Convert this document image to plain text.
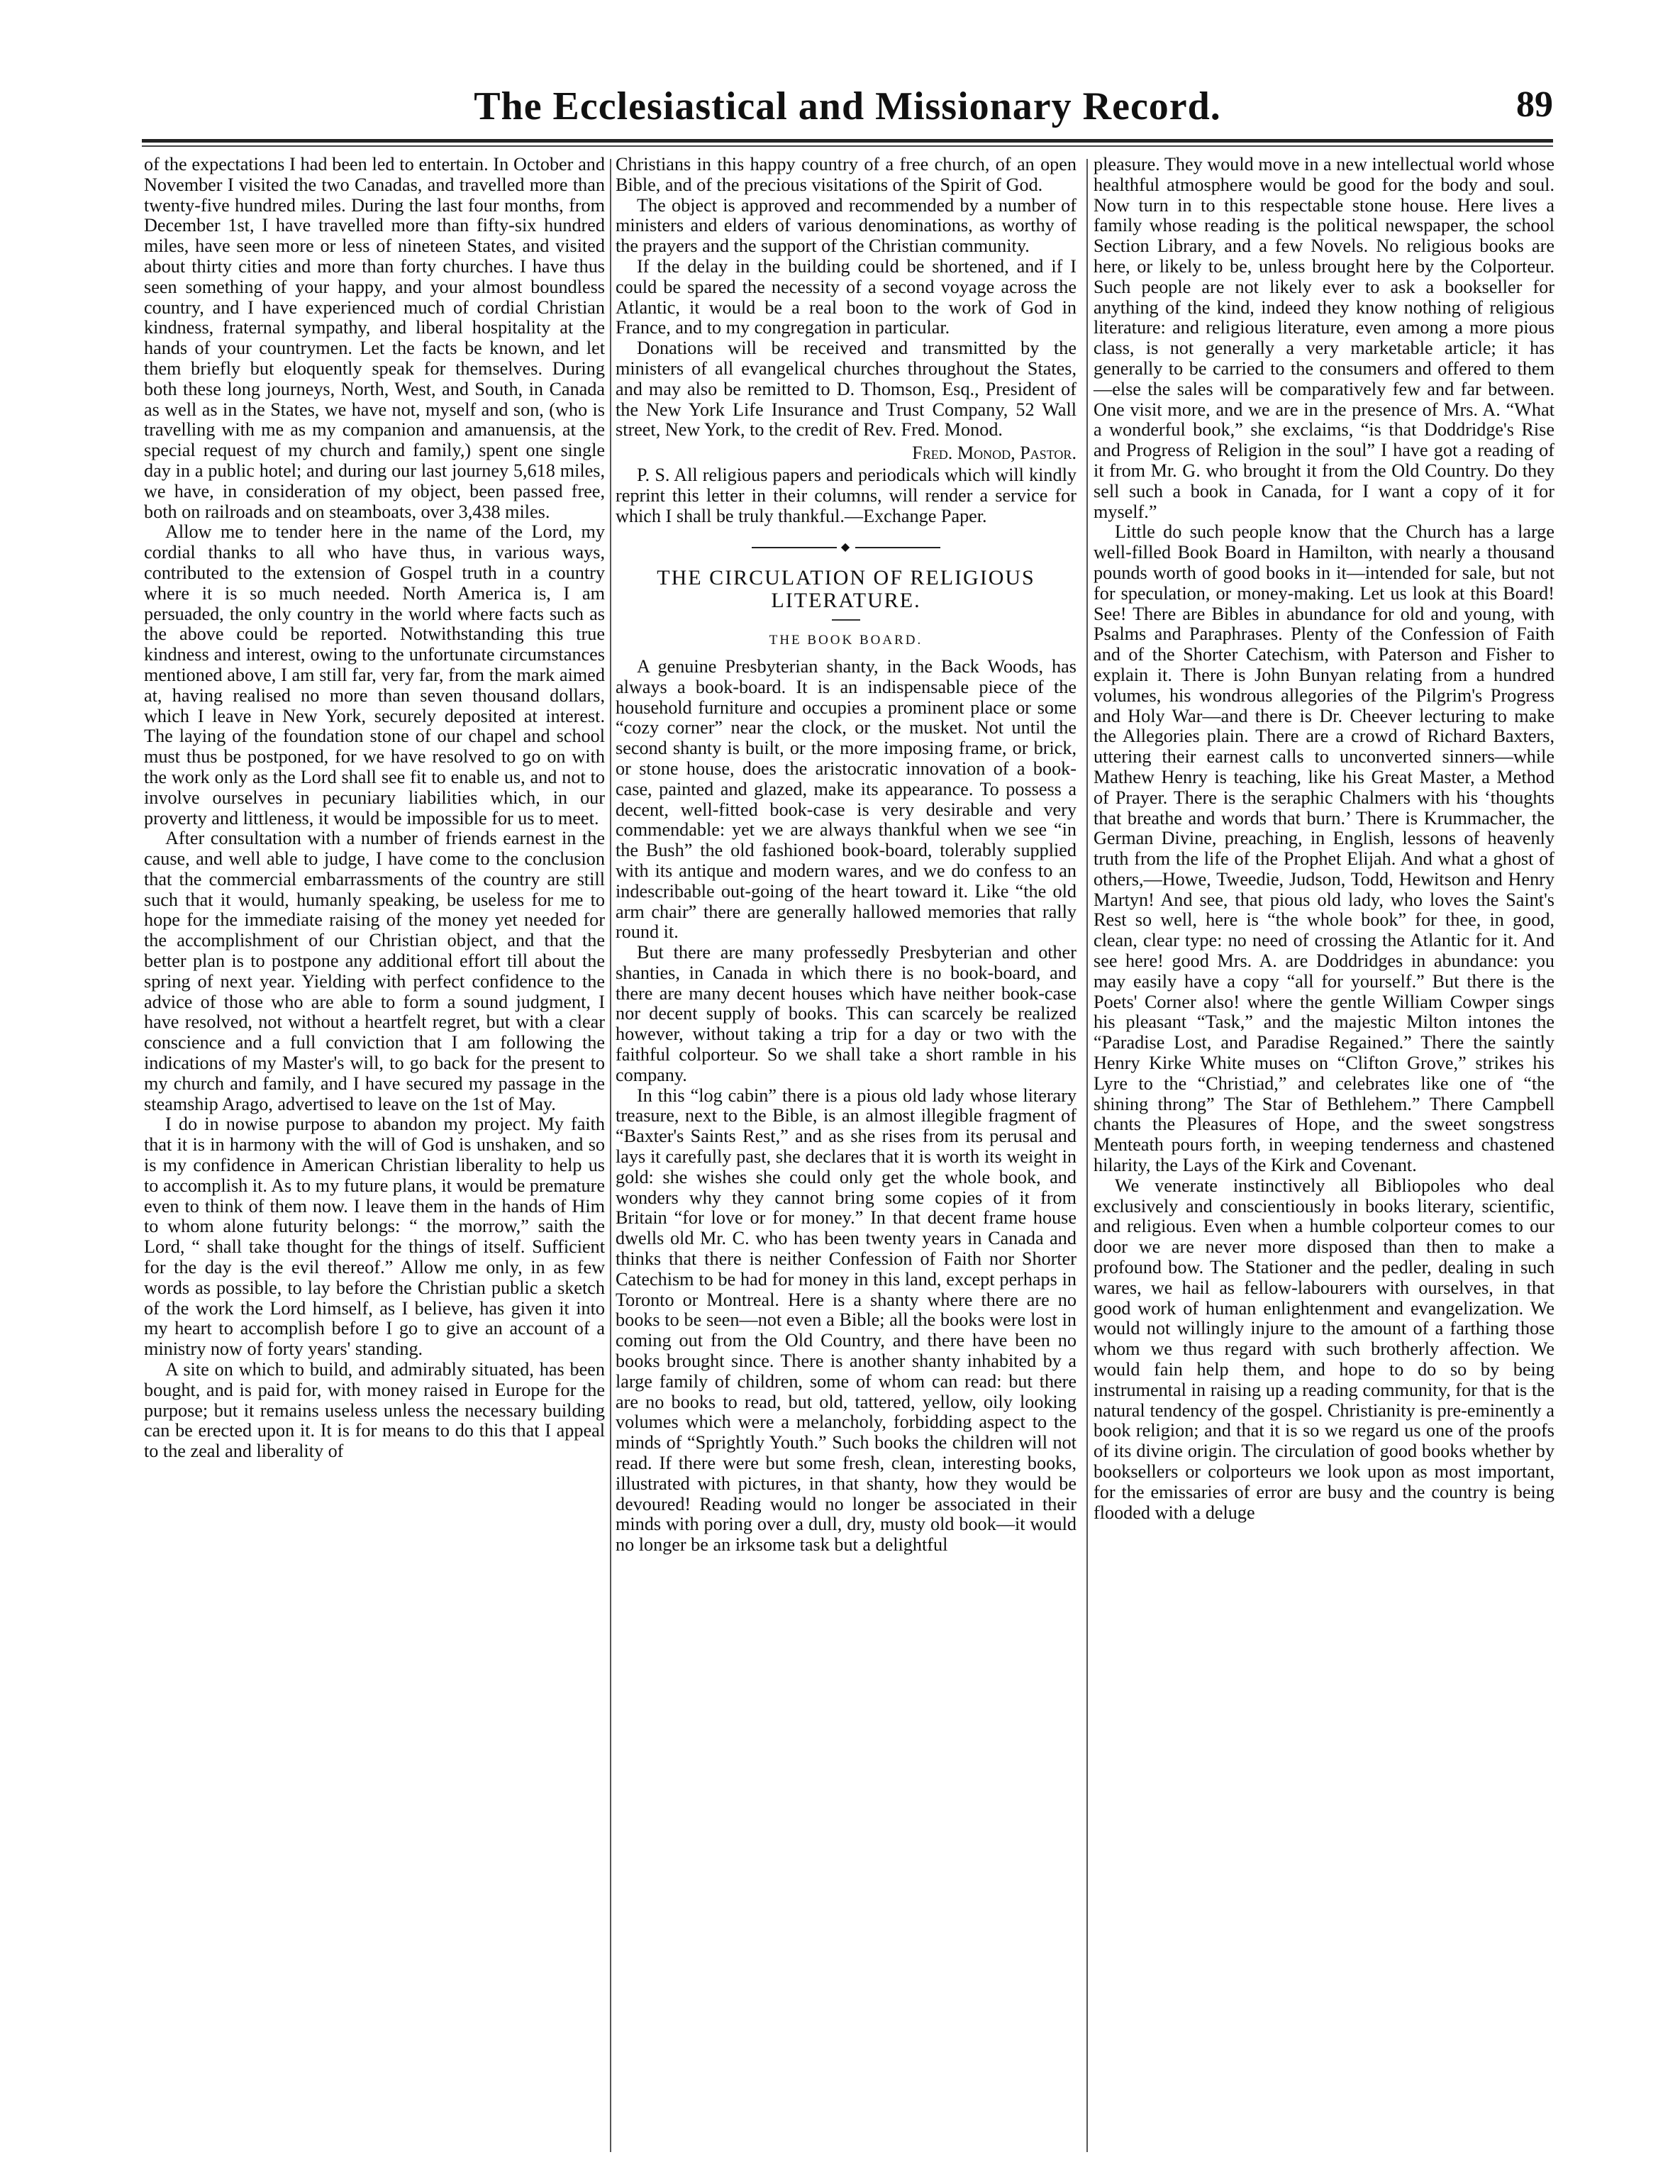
The Ecclesiastical and Missionary Record.	89

of the expectations I had been led to entertain. In October and November I visited the two Canadas, and travelled more than twenty-five hundred miles. During the last four months, from December 1st, I have travelled more than fifty-six hundred miles, have seen more or less of nineteen States, and visited about thirty cities and more than forty churches. I have thus seen something of your happy, and your almost boundless country, and I have experienced much of cordial Christian kindness, fraternal sympathy, and liberal hospitality at the hands of your countrymen. Let the facts be known, and let them briefly but eloquently speak for themselves. During both these long journeys, North, West, and South, in Canada as well as in the States, we have not, myself and son, (who is travelling with me as my companion and amanuensis, at the special request of my church and family,) spent one single day in a public hotel; and during our last journey 5,618 miles, we have, in consideration of my object, been passed free, both on railroads and on steamboats, over 3,438 miles.

Allow me to tender here in the name of the Lord, my cordial thanks to all who have thus, in various ways, contributed to the extension of Gospel truth in a country where it is so much needed. North America is, I am persuaded, the only country in the world where facts such as the above could be reported. Notwithstanding this true kindness and interest, owing to the unfortunate circumstances mentioned above, I am still far, very far, from the mark aimed at, having realised no more than seven thousand dollars, which I leave in New York, securely deposited at interest. The laying of the foundation stone of our chapel and school must thus be postponed, for we have resolved to go on with the work only as the Lord shall see fit to enable us, and not to involve ourselves in pecuniary liabilities which, in our proverty and littleness, it would be impossible for us to meet.

After consultation with a number of friends earnest in the cause, and well able to judge, I have come to the conclusion that the commercial embarrassments of the country are still such that it would, humanly speaking, be useless for me to hope for the immediate raising of the money yet needed for the accomplishment of our Christian object, and that the better plan is to postpone any additional effort till about the spring of next year. Yielding with perfect confidence to the advice of those who are able to form a sound judgment, I have resolved, not without a heartfelt regret, but with a clear conscience and a full conviction that I am following the indications of my Master's will, to go back for the present to my church and family, and I have secured my passage in the steamship Arago, advertised to leave on the 1st of May.

I do in nowise purpose to abandon my project. My faith that it is in harmony with the will of God is unshaken, and so is my confidence in American Christian liberality to help us to accomplish it. As to my future plans, it would be premature even to think of them now. I leave them in the hands of Him to whom alone futurity belongs: “ the morrow,” saith the Lord, “ shall take thought for the things of itself. Sufficient for the day is the evil thereof.” Allow me only, in as few words as possible, to lay before the Christian public a sketch of the work the Lord himself, as I believe, has given it into my heart to accomplish before I go to give an account of a ministry now of forty years' standing.

A site on which to build, and admirably situated, has been bought, and is paid for, with money raised in Europe for the purpose; but it remains useless unless the necessary building can be erected upon it. It is for means to do this that I appeal to the zeal and liberality of

Christians in this happy country of a free church, of an open Bible, and of the precious visitations of the Spirit of God.

The object is approved and recommended by a number of ministers and elders of various denominations, as worthy of the prayers and the support of the Christian community.

If the delay in the building could be shortened, and if I could be spared the necessity of a second voyage across the Atlantic, it would be a real boon to the work of God in France, and to my congregation in particular.

Donations will be received and transmitted by the ministers of all evangelical churches throughout the States, and may also be remitted to D. Thomson, Esq., President of the New York Life Insurance and Trust Company, 52 Wall street, New York, to the credit of Rev. Fred. Monod.

Fred. Monod, Pastor.

P. S. All religious papers and periodicals which will kindly reprint this letter in their columns, will render a service for which I shall be truly thankful.—Exchange Paper.

◆
THE CIRCULATION OF RELIGIOUS LITERATURE.
THE BOOK BOARD.

A genuine Presbyterian shanty, in the Back Woods, has always a book-board. It is an indispensable piece of the household furniture and occupies a prominent place or some “cozy corner” near the clock, or the musket. Not until the second shanty is built, or the more imposing frame, or brick, or stone house, does the aristocratic innovation of a book-case, painted and glazed, make its appearance. To possess a decent, well-fitted book-case is very desirable and very commendable: yet we are always thankful when we see “in the Bush” the old fashioned book-board, tolerably supplied with its antique and modern wares, and we do confess to an indescribable out-going of the heart toward it. Like “the old arm chair” there are generally hallowed memories that rally round it.

But there are many professedly Presbyterian and other shanties, in Canada in which there is no book-board, and there are many decent houses which have neither book-case nor decent supply of books. This can scarcely be realized however, without taking a trip for a day or two with the faithful colporteur. So we shall take a short ramble in his company.

In this “log cabin” there is a pious old lady whose literary treasure, next to the Bible, is an almost illegible fragment of “Baxter's Saints Rest,” and as she rises from its perusal and lays it carefully past, she declares that it is worth its weight in gold: she wishes she could only get the whole book, and wonders why they cannot bring some copies of it from Britain “for love or for money.” In that decent frame house dwells old Mr. C. who has been twenty years in Canada and thinks that there is neither Confession of Faith nor Shorter Catechism to be had for money in this land, except perhaps in Toronto or Montreal. Here is a shanty where there are no books to be seen—not even a Bible; all the books were lost in coming out from the Old Country, and there have been no books brought since. There is another shanty inhabited by a large family of children, some of whom can read: but there are no books to read, but old, tattered, yellow, oily looking volumes which were a melancholy, forbidding aspect to the minds of “Sprightly Youth.” Such books the children will not read. If there were but some fresh, clean, interesting books, illustrated with pictures, in that shanty, how they would be devoured! Reading would no longer be associated in their minds with poring over a dull, dry, musty old book—it would no longer be an irksome task but a delightful

pleasure. They would move in a new intellectual world whose healthful atmosphere would be good for the body and soul. Now turn in to this respectable stone house. Here lives a family whose reading is the political newspaper, the school Section Library, and a few Novels. No religious books are here, or likely to be, unless brought here by the Colporteur. Such people are not likely ever to ask a bookseller for anything of the kind, indeed they know nothing of religious literature: and religious literature, even among a more pious class, is not generally a very marketable article; it has generally to be carried to the consumers and offered to them—else the sales will be comparatively few and far between. One visit more, and we are in the presence of Mrs. A. “What a wonderful book,” she exclaims, “is that Doddridge's Rise and Progress of Religion in the soul” I have got a reading of it from Mr. G. who brought it from the Old Country. Do they sell such a book in Canada, for I want a copy of it for myself.”

Little do such people know that the Church has a large well-filled Book Board in Hamilton, with nearly a thousand pounds worth of good books in it—intended for sale, but not for speculation, or money-making. Let us look at this Board! See! There are Bibles in abundance for old and young, with Psalms and Paraphrases. Plenty of the Confession of Faith and of the Shorter Catechism, with Paterson and Fisher to explain it. There is John Bunyan relating from a hundred volumes, his wondrous allegories of the Pilgrim's Progress and Holy War—and there is Dr. Cheever lecturing to make the Allegories plain. There are a crowd of Richard Baxters, uttering their earnest calls to unconverted sinners—while Mathew Henry is teaching, like his Great Master, a Method of Prayer. There is the seraphic Chalmers with his ‘thoughts that breathe and words that burn.’ There is Krummacher, the German Divine, preaching, in English, lessons of heavenly truth from the life of the Prophet Elijah. And what a ghost of others,—Howe, Tweedie, Judson, Todd, Hewitson and Henry Martyn! And see, that pious old lady, who loves the Saint's Rest so well, here is “the whole book” for thee, in good, clean, clear type: no need of crossing the Atlantic for it. And see here! good Mrs. A. are Doddridges in abundance: you may easily have a copy “all for yourself.” But there is the Poets' Corner also! where the gentle William Cowper sings his pleasant “Task,” and the majestic Milton intones the “Paradise Lost, and Paradise Regained.” There the saintly Henry Kirke White muses on “Clifton Grove,” strikes his Lyre to the “Christiad,” and celebrates like one of “the shining throng” The Star of Bethlehem.” There Campbell chants the Pleasures of Hope, and the sweet songstress Menteath pours forth, in weeping tenderness and chastened hilarity, the Lays of the Kirk and Covenant.

We venerate instinctively all Bibliopoles who deal exclusively and conscientiously in books literary, scientific, and religious. Even when a humble colporteur comes to our door we are never more disposed than then to make a profound bow. The Stationer and the pedler, dealing in such wares, we hail as fellow-labourers with ourselves, in that good work of human enlightenment and evangelization. We would not willingly injure to the amount of a farthing those whom we thus regard with such brotherly affection. We would fain help them, and hope to do so by being instrumental in raising up a reading community, for that is the natural tendency of the gospel. Christianity is pre-eminently a book religion; and that it is so we regard us one of the proofs of its divine origin. The circulation of good books whether by booksellers or colporteurs we look upon as most important, for the emissaries of error are busy and the country is being flooded with a deluge
